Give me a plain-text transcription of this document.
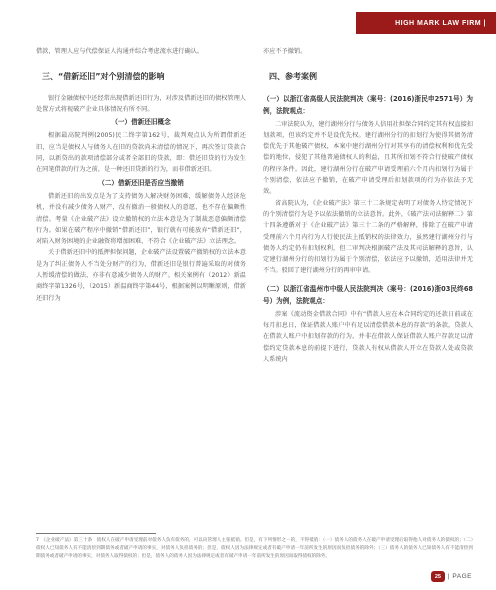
HIGH MARK LAW FIRM |

借款，管理人应与代偿保证人沟通并综合考虑流水进行确认。

三、“借新还旧”对个别清偿的影响

银行金融债权中还经常出现借新还旧行为，对涉及借新还旧的债权管理人处置方式将视破产企业具体情况有所不同。

（一）借新还旧概念

根据最高院判例(2005)民二终字第162号，裁判观点认为所谓借新还旧，应当是债权人与债务人在旧的贷款尚未清偿的情况下，再次签订贷款合同，以新贷出的款项清偿部分或者全部旧的贷款，即：借还旧贷的行为发生在同笔借款的行为之前，是一种还旧贷新的行为，而非借新还旧。

（二）借新还旧是否应当撤销

借新还旧的出发点是为了支持债务人解决财务困难，缓解债务人经济危机，并没有减少债务人财产，没有撤消一般债权人的意愿，也不存在偏颇性清偿。考量《企业破产法》设立撤销权的立法本意是为了制裁恶意偏颇清偿行为。如果在破产程序中撤销“借新还旧”，银行就有可能放弃“借新还旧”，对陷入财务困境的企业融资将增加困难，不符合《企业破产法》立法理念。

关于借新还旧中的抵押担保问题，企业破产法设置破产撤销权的立法本意是为了纠正债务人不当处分财产的行为，借新还旧是银行普遍采取的对债务人暂缓清偿的做法，亦非有意减少债务人的财产。相关案例有（2012）新温商终字第1326号，（2015）新温商终字第44号，根据案例以明晰原则，借新还旧行为

亦应不予撤销。

四、参考案例
（一）以浙江省高级人民法院判决（案号：(2016)浙民申2571号）为例，法院观点：

二审法院认为，建行湖州分行与债务人信用社担保合同约定其有权直接扣划款项，但该约定并不是设优先权。建行湖州分行的扣划行为使得其债务清偿优先于其他破产债权，本案中建行湖州分行对其享有的清偿权利和优先受偿的地位，侵犯了其他普通债权人的利益，且其所扣划不符合行使破产债权的程序条件。因此，建行湖州分行在破产申请受理前六个月内扣划行为属于个别清偿，依法应予撤销，在破产申请受理后扣划款项的行为亦依法予无效。

省高院认为，《企业破产法》第三十二条规定表明了对债务人恃定情况下的个别清偿行为是予以依法撤销的立法意旨。此外，《破产法司法解释二》第十四条遵循对于《企业破产法》第三十二条的严格解释，排除了在破产申请受理前六个月内行为人行使民法上抵销权的法律效力，虽然建行湖州分行与债务人约定仍有扣划权利，但二审判决根据破产法及其司法解释的意旨，认定建行湖州分行的扣划行为属于个别清偿，依法应予以撤销，适用法律并无不当。驳回了建行湖州分行的再审申请。

（二）以浙江省温州市中级人民法院判决（案号：(2016)浙03民终68号）为例，法院观点：

涉案《流动资金借款合同》中有“借款人应在本合同约定的还款日前或在每月扣息日，保证借款人账户中有足以清偿借款本息的存款”的条款，贷款人在借款人账户中扣划存款的行为，并非在借款人保证借款人账户存款足以清偿约定贷款本息的前提下进行，贷款人有权从借款人开立在贷款人处或贷款人系统内

7　《企业破产法》第三十条　债权人在破产申请受理前对债务人负有债务的，可以向管理人主张抵销。但是，有下列情形之一的，不得抵销：（一）债务人的债务人在破产申请受理后取得他人对债务人的债权的；（二）债权人已知债务人有不能清偿到期债务或者破产申请的事实，对债务人负担债务的；但是，债权人因为法律规定或者有破产申请一年前所发生的原因而负担债务的除外；（三）债务人的债务人已知债务人有不能清偿到期债务或者破产申请的事实，对债务人取得债权的；但是，债务人的债务人因为法律规定或者有破产申请一年前所发生的原因而取得债权的除外。
25	| PAGE
